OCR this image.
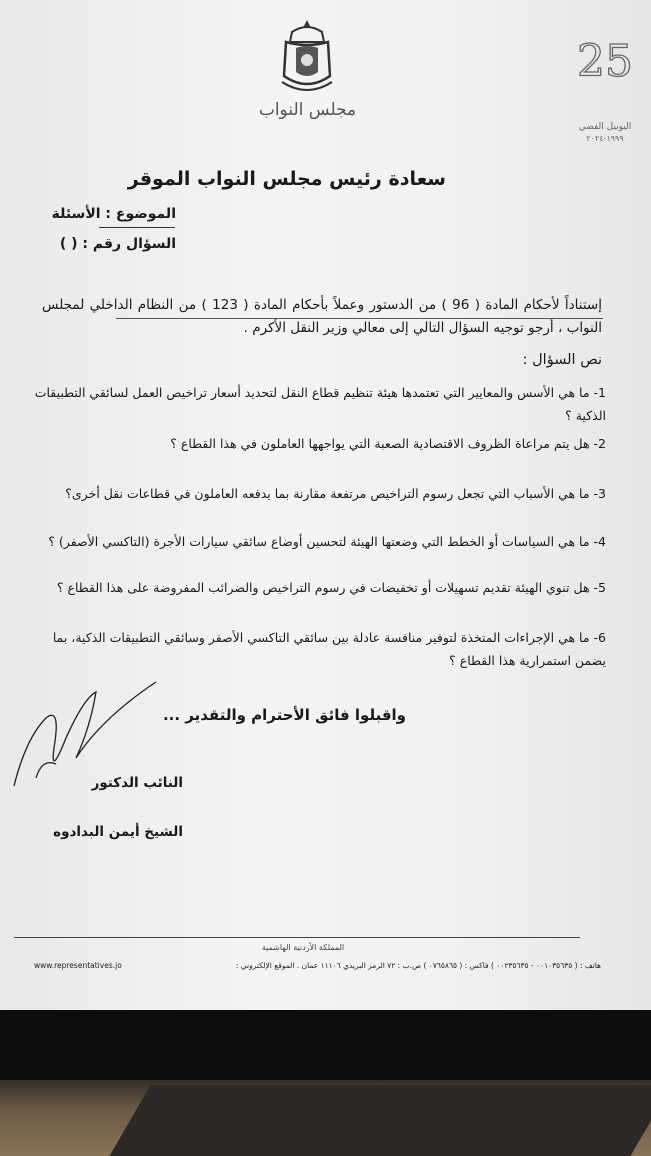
مجلس النواب
25
اليوبيل الفضي
١٩٩٩-٢٠٢٤
سعادة رئيس مجلس النواب الموقر
الموضوع : الأسئلة
السؤال رقم : ( )
إستناداً لأحكام المادة ( 96 ) من الدستور وعملاً بأحكام المادة ( 123 ) من النظام الداخلي لمجلس النواب ، أرجو توجيه السؤال التالي إلى معالي وزير النقل الأكرم .
نص السؤال :
1- ما هي الأسس والمعايير التي تعتمدها هيئة تنظيم قطاع النقل لتحديد أسعار تراخيص العمل لسائقي التطبيقات الذكية ؟
2- هل يتم مراعاة الظروف الاقتصادية الصعبة التي يواجهها العاملون في هذا القطاع ؟
3- ما هي الأسباب التي تجعل رسوم التراخيص مرتفعة مقارنة بما يدفعه العاملون في قطاعات نقل أخرى؟
4- ما هي السياسات أو الخطط التي وضعتها الهيئة لتحسين أوضاع سائقي سيارات الأجرة (التاكسي الأصفر) ؟
5- هل تنوي الهيئة تقديم تسهيلات أو تخفيضات في رسوم التراخيص والضرائب المفروضة على هذا القطاع ؟
6- ما هي الإجراءات المتخذة لتوفير منافسة عادلة بين سائقي التاكسي الأصفر وسائقي التطبيقات الذكية، بما يضمن استمرارية هذا القطاع ؟
واقبلوا فائق الأحترام والتقدير ...
النائب الدكتور
الشيخ أيمن البدادوه
المملكة الأردنية الهاشمية
هاتف : ( ٠٠١٠٣٥٦٣٥ - ٠٠٢٣٥٦٣٥ ) فاكس : ( ٠٧٦٥٨٦٥ ) ص.ب : ٧٢ الرمز البريدي ١١١٠٦ عمان . الموقع الإلكتروني :
www.representatives.jo
